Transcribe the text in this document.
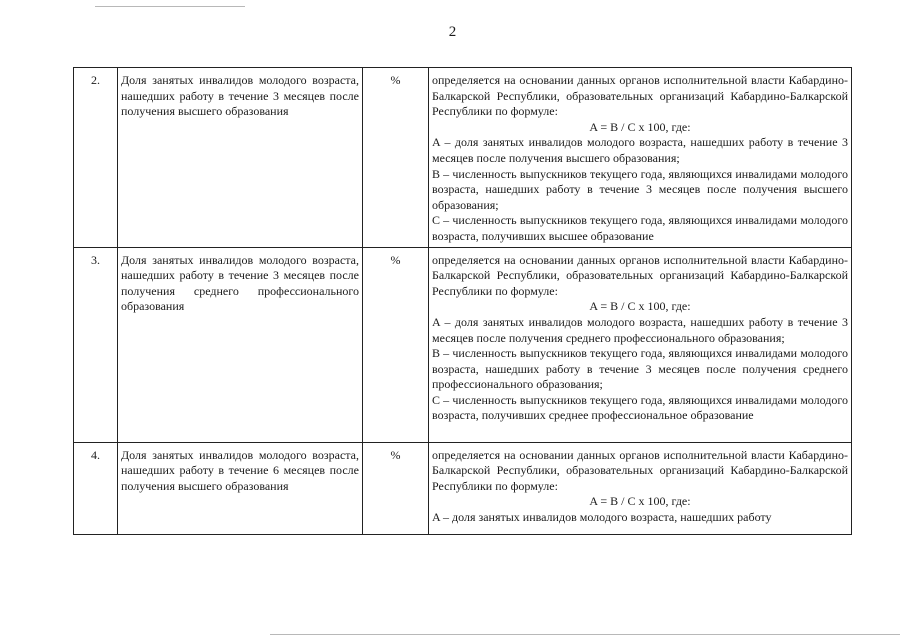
2
2.	Доля занятых инвалидов молодого возраста, нашедших работу в течение 3 месяцев после получения высшего образования	%	определяется на основании данных органов исполнительной власти Кабардино-Балкарской Республики, образовательных организаций Кабардино-Балкарской Республики по формуле:

A = B / C x 100, где:

A – доля занятых инвалидов молодого возраста, нашедших работу в течение 3 месяцев после получения высшего образования;

B – численность выпускников текущего года, являющихся инвалидами молодого возраста, нашедших работу в течение 3 месяцев после получения высшего образования;

C – численность выпускников текущего года, являющихся инвалидами молодого возраста, получивших высшее образование

3.	Доля занятых инвалидов молодого возраста, нашедших работу в течение 3 месяцев после получения среднего профессионального образования	%	определяется на основании данных органов исполнительной власти Кабардино-Балкарской Республики, образовательных организаций Кабардино-Балкарской Республики по формуле:

A = B / C x 100, где:

A – доля занятых инвалидов молодого возраста, нашедших работу в течение 3 месяцев после получения среднего профессионального образования;

B – численность выпускников текущего года, являющихся инвалидами молодого возраста, нашедших работу в течение 3 месяцев после получения среднего профессионального образования;

C – численность выпускников текущего года, являющихся инвалидами молодого возраста, получивших среднее профессиональное образование

4.	Доля занятых инвалидов молодого возраста, нашедших работу в течение 6 месяцев после получения высшего образования	%	определяется на основании данных органов исполнительной власти Кабардино-Балкарской Республики, образовательных организаций Кабардино-Балкарской Республики по формуле:

A = B / C x 100, где:

A – доля занятых инвалидов молодого возраста, нашедших работу
